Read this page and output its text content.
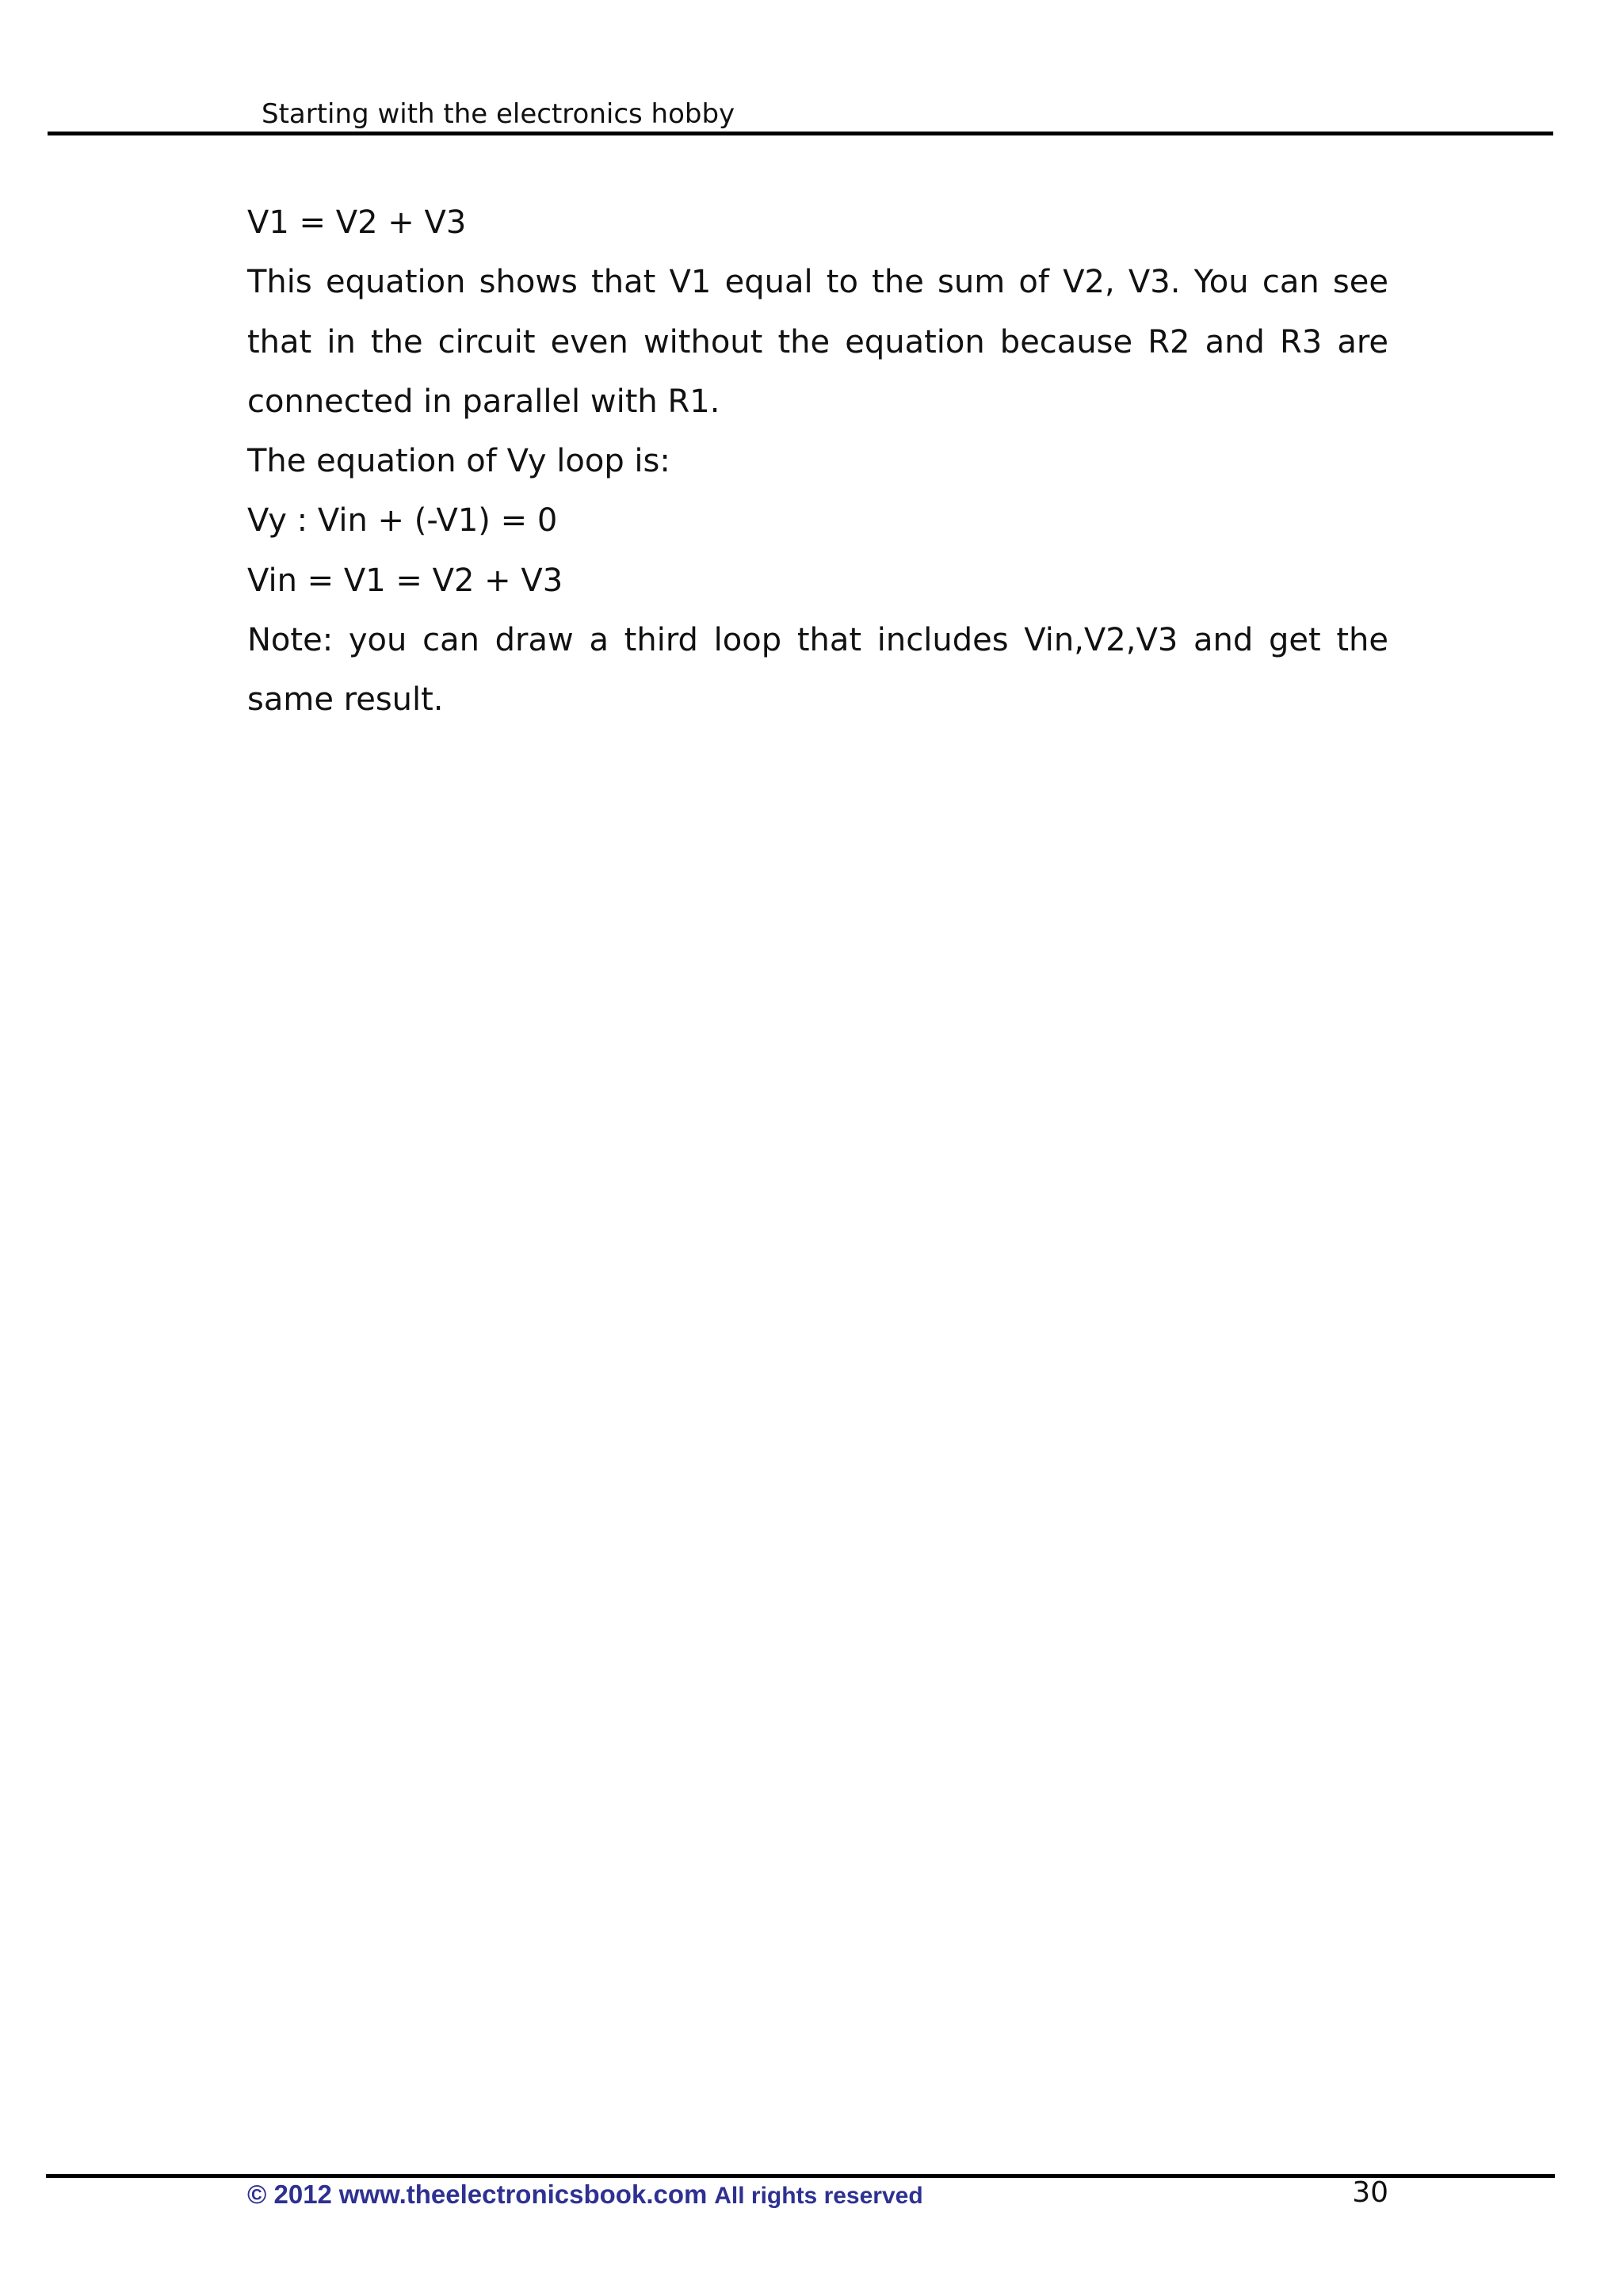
Starting with the electronics hobby

V1 = V2 + V3

This equation shows that V1 equal to the sum of V2, V3. You can see that in the circuit even without the equation because R2 and R3 are connected in parallel with R1.

The equation of Vy loop is:

Vy : Vin + (-V1) = 0

Vin = V1 = V2 + V3

Note: you can draw a third loop that includes Vin,V2,V3 and get the same result.

© 2012 www.theelectronicsbook.com All rights reserved	30
